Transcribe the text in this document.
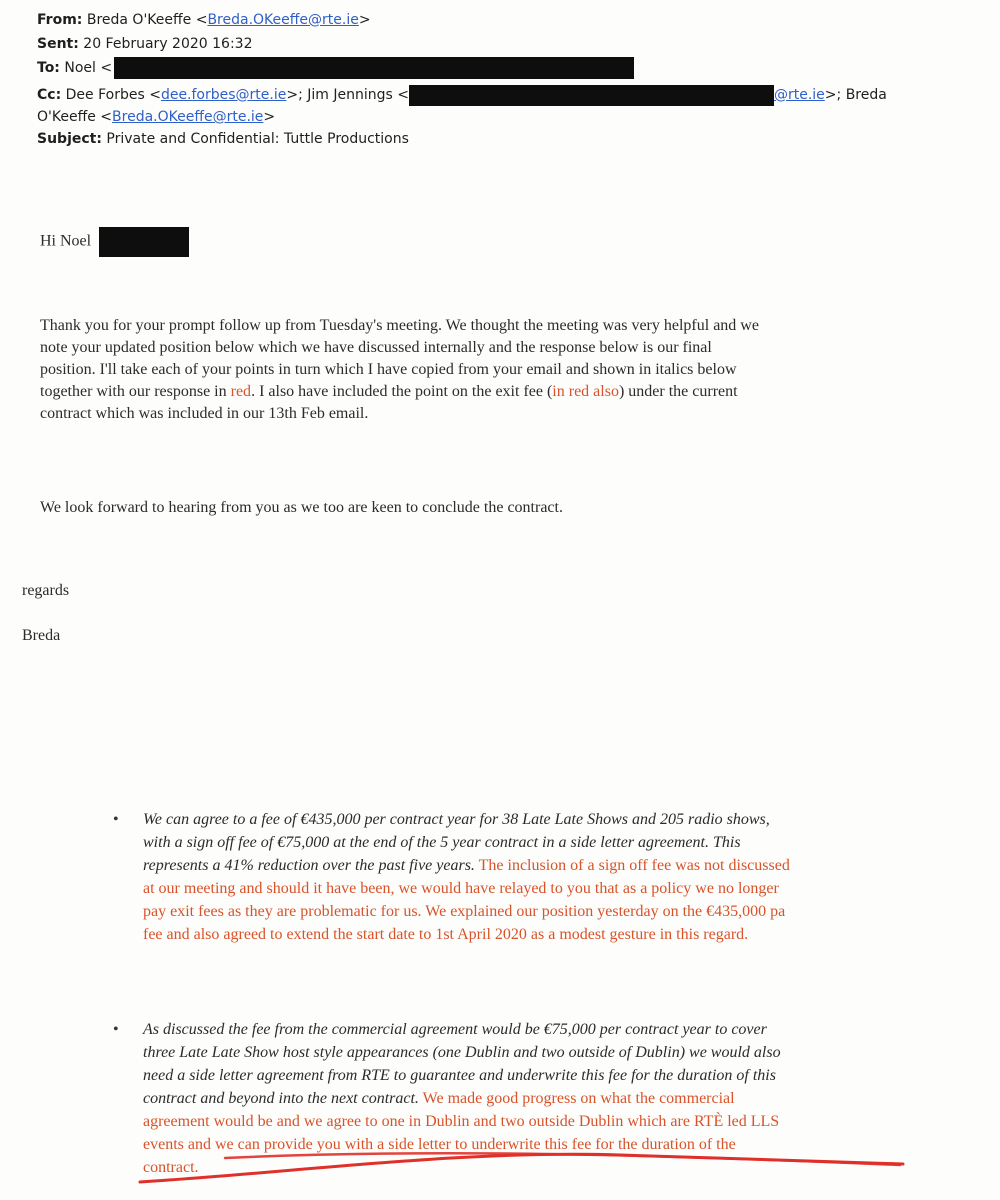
From: Breda O'Keeffe <Breda.OKeeffe@rte.ie>
Sent: 20 February 2020 16:32
To: Noel <
Cc: Dee Forbes <dee.forbes@rte.ie>; Jim Jennings <	@rte.ie>; Breda
O'Keeffe <Breda.OKeeffe@rte.ie>
Subject: Private and Confidential: Tuttle Productions
Hi Noel
Thank you for your prompt follow up from Tuesday's meeting. We thought the meeting was very helpful and we
note your updated position below which we have discussed internally and the response below is our final
position. I'll take each of your points in turn which I have copied from your email and shown in italics below
together with our response in red. I also have included the point on the exit fee (in red also) under the current
contract which was included in our 13th Feb email.
We look forward to hearing from you as we too are keen to conclude the contract.
regards
Breda
• We can agree to a fee of €435,000 per contract year for 38 Late Late Shows and 205 radio shows,
with a sign off fee of €75,000 at the end of the 5 year contract in a side letter agreement. This
represents a 41% reduction over the past five years. The inclusion of a sign off fee was not discussed
at our meeting and should it have been, we would have relayed to you that as a policy we no longer
pay exit fees as they are problematic for us. We explained our position yesterday on the €435,000 pa
fee and also agreed to extend the start date to 1st April 2020 as a modest gesture in this regard.
• As discussed the fee from the commercial agreement would be €75,000 per contract year to cover
three Late Late Show host style appearances (one Dublin and two outside of Dublin) we would also
need a side letter agreement from RTE to guarantee and underwrite this fee for the duration of this
contract and beyond into the next contract. We made good progress on what the commercial
agreement would be and we agree to one in Dublin and two outside Dublin which are RTÈ led LLS
events and we can provide you with a side letter to underwrite this fee for the duration of the
contract.
